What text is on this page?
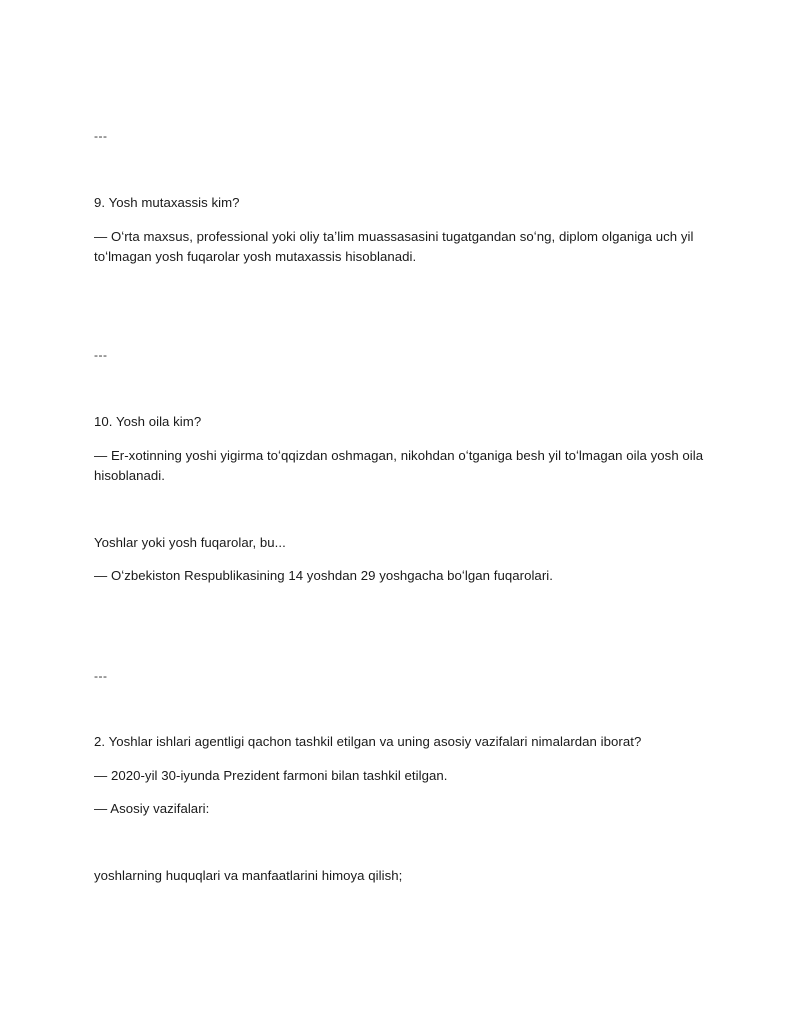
---
9. Yosh mutaxassis kim?
— Oʻrta maxsus, professional yoki oliy taʼlim muassasasini tugatgandan soʻng, diplom olganiga uch yil toʻlmagan yosh fuqarolar yosh mutaxassis hisoblanadi.
---
10. Yosh oila kim?
— Er-xotinning yoshi yigirma toʻqqizdan oshmagan, nikohdan oʻtganiga besh yil toʻlmagan oila yosh oila hisoblanadi.
Yoshlar yoki yosh fuqarolar, bu...
— Oʻzbekiston Respublikasining 14 yoshdan 29 yoshgacha boʻlgan fuqarolari.
---
2. Yoshlar ishlari agentligi qachon tashkil etilgan va uning asosiy vazifalari nimalardan iborat?
— 2020-yil 30-iyunda Prezident farmoni bilan tashkil etilgan.
— Asosiy vazifalari:
yoshlarning huquqlari va manfaatlarini himoya qilish;
